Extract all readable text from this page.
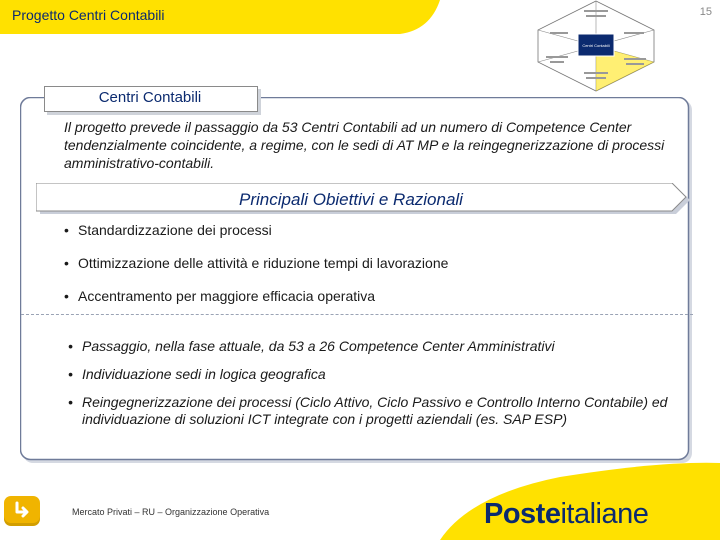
Progetto Centri Contabili	15
Centri Contabili
Centri Contabili
Il progetto prevede il passaggio da 53 Centri Contabili ad un numero di Competence Center tendenzialmente coincidente, a regime, con le sedi di AT MP e la reingegnerizzazione di processi amministrativo-contabili.
Principali Obiettivi e Razionali
• Standardizzazione dei processi
• Ottimizzazione delle attività e riduzione tempi di lavorazione
• Accentramento per maggiore efficacia operativa
• Passaggio, nella fase attuale, da 53 a 26 Competence Center Amministrativi
• Individuazione sedi in logica geografica
• Reingegnerizzazione dei processi (Ciclo Attivo, Ciclo Passivo e Controllo Interno Contabile) ed individuazione di soluzioni ICT integrate con i progetti aziendali (es. SAP ESP)
Mercato Privati – RU – Organizzazione Operativa	Posteitaliane
